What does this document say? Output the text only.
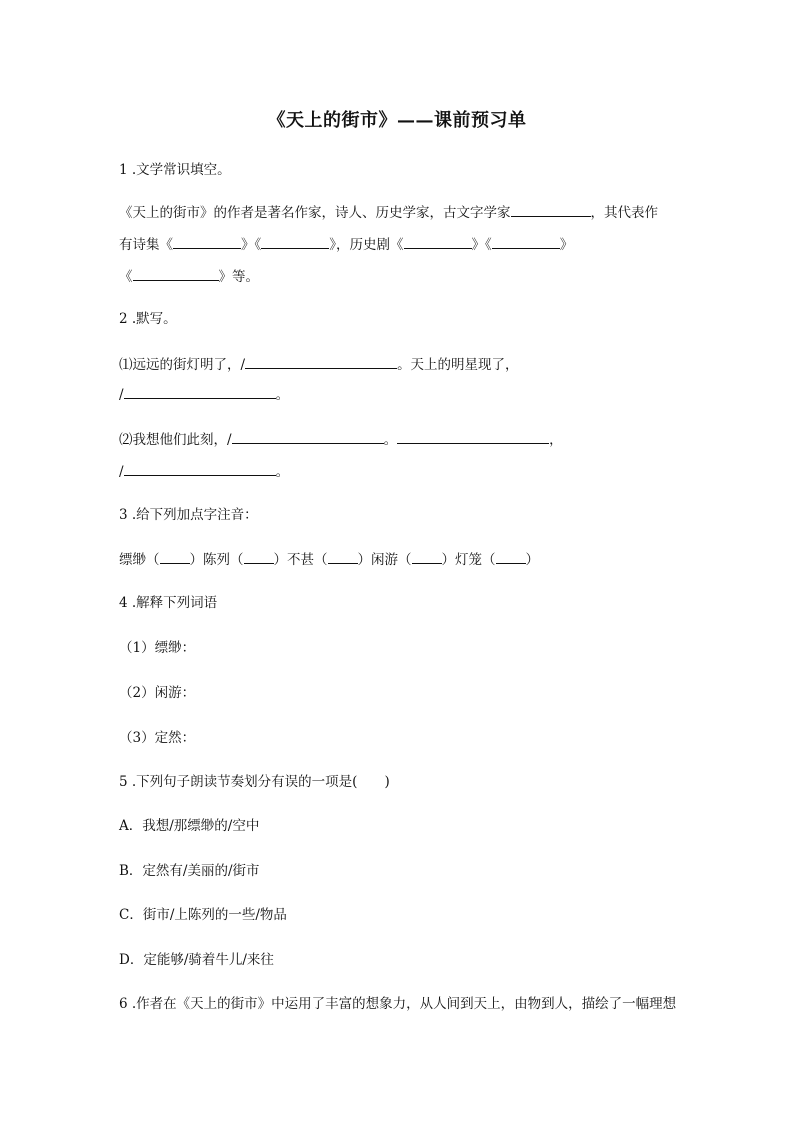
《天上的街市》——课前预习单
1 .文学常识填空。
《天上的街市》的作者是著名作家，诗人、历史学家，古文字学家	，其代表作
有诗集《	》《	》，历史剧《	》《	》
《	》等。
2 .默写。
⑴远远的街灯明了，/	。天上的明星现了，
/	。
⑵我想他们此刻，/	。	，
/	。
3 .给下列加点字注音：
缥缈（ ）陈列（ ）不甚（ ）闲游（ ）灯笼（ ）
4 .解释下列词语
（1）缥缈：
（2）闲游：
（3）定然：
5 .下列句子朗读节奏划分有误的一项是(　　)
A．我想/那缥缈的/空中
B．定然有/美丽的/街市
C．街市/上陈列的一些/物品
D．定能够/骑着牛儿/来往
6 .作者在《天上的街市》中运用了丰富的想象力，从人间到天上，由物到人，描绘了一幅理想
